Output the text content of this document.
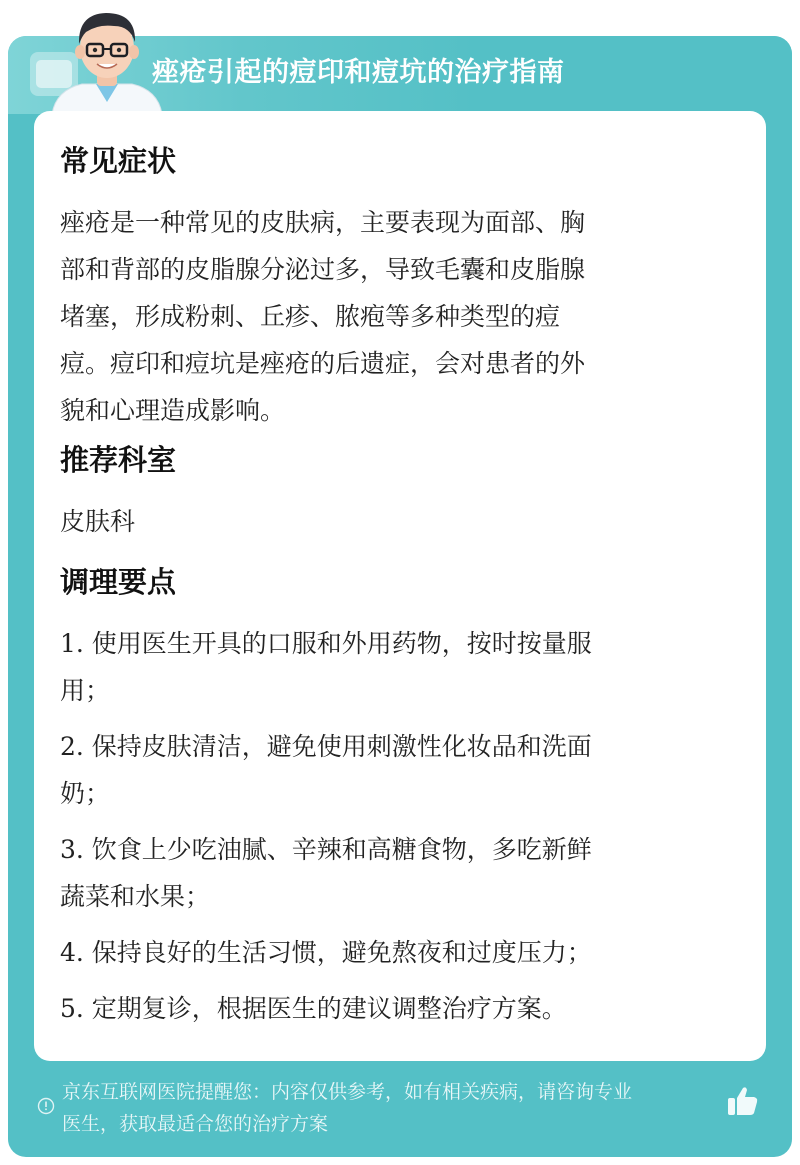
痤疮引起的痘印和痘坑的治疗指南
常见症状
痤疮是一种常见的皮肤病，主要表现为面部、胸
部和背部的皮脂腺分泌过多，导致毛囊和皮脂腺
堵塞，形成粉刺、丘疹、脓疱等多种类型的痘
痘。痘印和痘坑是痤疮的后遗症，会对患者的外
貌和心理造成影响。
推荐科室
皮肤科
调理要点
1. 使用医生开具的口服和外用药物，按时按量服
用；
2. 保持皮肤清洁，避免使用刺激性化妆品和洗面
奶；
3. 饮食上少吃油腻、辛辣和高糖食物，多吃新鲜
蔬菜和水果；
4. 保持良好的生活习惯，避免熬夜和过度压力；
5. 定期复诊，根据医生的建议调整治疗方案。
京东互联网医院提醒您：内容仅供参考，如有相关疾病，请咨询专业
医生，获取最适合您的治疗方案
